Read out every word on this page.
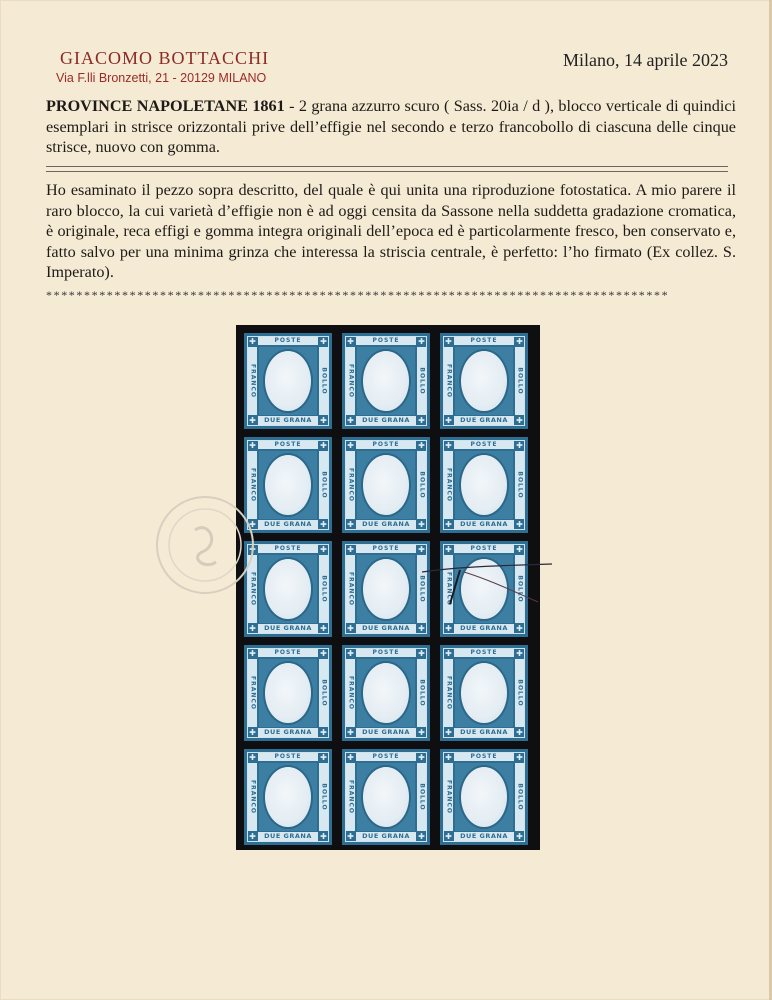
GIACOMO BOTTACCHI
Via F.lli Bronzetti, 21 - 20129 MILANO
Milano, 14 aprile 2023
PROVINCE NAPOLETANE 1861 - 2 grana azzurro scuro ( Sass. 20ia / d ), blocco verticale di quindici esemplari in strisce orizzontali prive dell’effigie nel secondo e terzo francobollo di ciascuna delle cinque strisce, nuovo con gomma.
Ho esaminato il pezzo sopra descritto, del quale è qui unita una riproduzione fotostatica. A mio parere il raro blocco, la cui varietà d’effigie non è ad oggi censita da Sassone nella suddetta gradazione cromatica, è originale, reca effigi e gomma integra originali dell’epoca ed è particolarmente fresco, ben conservato e, fatto salvo per una minima grinza che interessa la striscia centrale, è perfetto: l’ho firmato (Ex collez. S. Imperato).
**********************************************************************************
POSTE
DUE GRANA
FRANCO	BOLLO
✚	✚
✚	✚
POSTE
DUE GRANA
FRANCO	BOLLO
✚	✚
✚	✚
POSTE
DUE GRANA
FRANCO	BOLLO
✚	✚
✚	✚
POSTE
DUE GRANA
FRANCO	BOLLO
✚	✚
✚	✚
POSTE
DUE GRANA
FRANCO	BOLLO
✚	✚
✚	✚
POSTE
DUE GRANA
FRANCO	BOLLO
✚	✚
✚	✚
POSTE
DUE GRANA
FRANCO	BOLLO
✚	✚
✚	✚
POSTE
DUE GRANA
FRANCO	BOLLO
✚	✚
✚	✚
POSTE
DUE GRANA
FRANCO	BOLLO
✚	✚
✚	✚
POSTE
DUE GRANA
FRANCO	BOLLO
✚	✚
✚	✚
POSTE
DUE GRANA
FRANCO	BOLLO
✚	✚
✚	✚
POSTE
DUE GRANA
FRANCO	BOLLO
✚	✚
✚	✚
POSTE
DUE GRANA
FRANCO	BOLLO
✚	✚
✚	✚
POSTE
DUE GRANA
FRANCO	BOLLO
✚	✚
✚	✚
POSTE
DUE GRANA
FRANCO	BOLLO
✚	✚
✚	✚
